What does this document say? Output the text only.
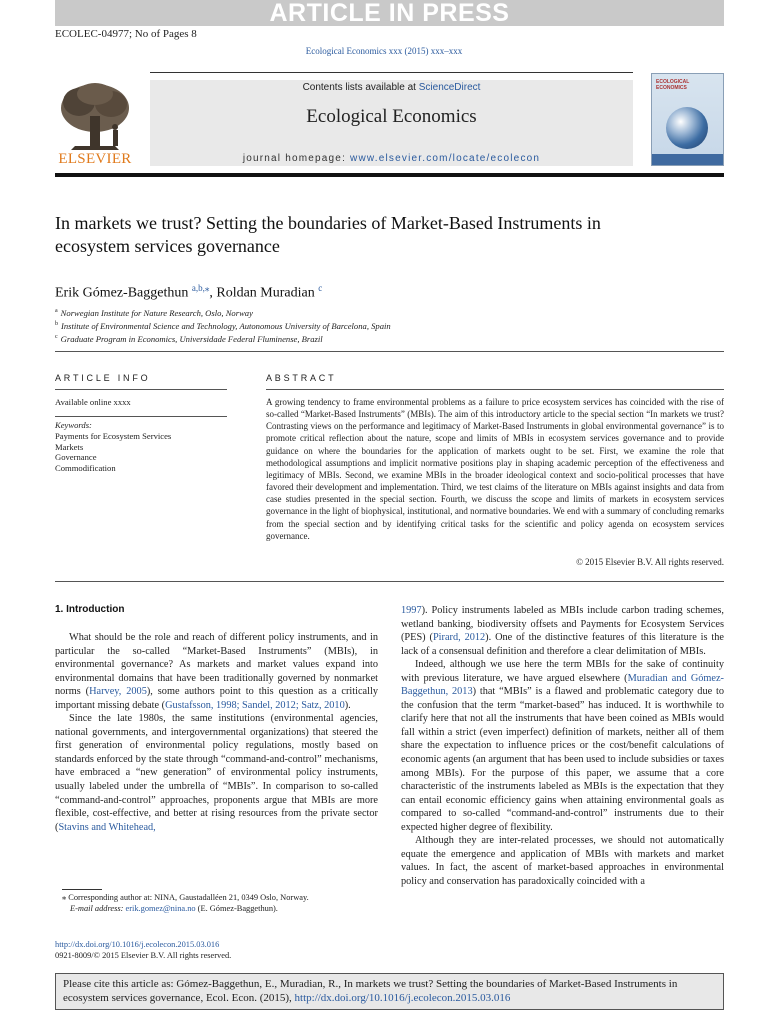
ARTICLE IN PRESS
ECOLEC-04977; No of Pages 8
Ecological Economics xxx (2015) xxx–xxx
ELSEVIER
Contents lists available at ScienceDirect
Ecological Economics
journal homepage: www.elsevier.com/locate/ecolecon
ECOLOGICAL ECONOMICS
In markets we trust? Setting the boundaries of Market-Based Instruments in ecosystem services governance
Erik Gómez-Baggethun $^{a,b,⁎}$, Roldan Muradian $^c$
$^a$ Norwegian Institute for Nature Research, Oslo, Norway
$^b$ Institute of Environmental Science and Technology, Autonomous University of Barcelona, Spain
$^c$ Graduate Program in Economics, Universidade Federal Fluminense, Brazil
ARTICLE INFO
Available online xxxx
Keywords:
Payments for Ecosystem Services
Markets
Governance
Commodification
ABSTRACT
A growing tendency to frame environmental problems as a failure to price ecosystem services has coincided with the rise of so-called “Market-Based Instruments” (MBIs). The aim of this introductory article to the special section “In markets we trust? Contrasting views on the performance and legitimacy of Market-Based Instruments in global environmental governance” is to promote critical reflection about the nature, scope and limits of MBIs in ecosystem services governance and to provide guidance on where the boundaries for the application of markets ought to be set. First, we examine the role that methodological assumptions and implicit normative positions play in shaping academic perception of the effectiveness and legitimacy of MBIs. Second, we examine MBIs in the broader ideological context and socio-political processes that have favored their development and implementation. Third, we test claims of the literature on MBIs against insights and data from case studies presented in the special section. Fourth, we discuss the scope and limits of markets in ecosystem services governance in the light of biophysical, institutional, and normative boundaries. We end with a summary of concluding remarks from the special section and by identifying critical tasks for the scientific and policy agenda on ecosystem services governance.
© 2015 Elsevier B.V. All rights reserved.
1. Introduction

What should be the role and reach of different policy instruments, and in particular the so-called “Market-Based Instruments” (MBIs), in environmental governance? As markets and market values expand into environmental domains that have been traditionally governed by nonmarket norms (Harvey, 2005), some authors point to this question as a critically important missing debate (Gustafsson, 1998; Sandel, 2012; Satz, 2010).

Since the late 1980s, the same institutions (environmental agencies, national governments, and intergovernmental organizations) that steered the first generation of environmental policy regulations, mostly based on standards enforced by the state through “command-and-control” mechanisms, have embraced a “new generation” of environmental policy instruments, usually labeled under the umbrella of “MBIs”. In comparison to so-called “command-and-control” approaches, proponents argue that MBIs are more flexible, cost-effective, and better at rising resources from the private sector (Stavins and Whitehead,

1997). Policy instruments labeled as MBIs include carbon trading schemes, wetland banking, biodiversity offsets and Payments for Ecosystem Services (PES) (Pirard, 2012). One of the distinctive features of this literature is the lack of a consensual definition and therefore a clear delimitation of MBIs.

Indeed, although we use here the term MBIs for the sake of continuity with previous literature, we have argued elsewhere (Muradian and Gómez-Baggethun, 2013) that “MBIs” is a flawed and problematic category due to the confusion that the term “market-based” has induced. It is worthwhile to clarify here that not all the instruments that have been coined as MBIs would fall within a strict (even imperfect) definition of markets, neither all of them share the expectation to influence prices or the cost/benefit calculations of economic agents (an argument that has been used to include subsidies or taxes among MBIs). For the purpose of this paper, we assume that a core characteristic of the instruments labeled as MBIs is the expectation that they can entail economic efficiency gains when attaining environmental goals as compared to so-called “command-and-control” instruments due to their expected higher degree of flexibility.

Although they are inter-related processes, we should not automatically equate the emergence and application of MBIs with markets and market values. In fact, the ascent of market-based approaches in environmental policy and conservation has paradoxically coincided with a

⁎ Corresponding author at: NINA, Gaustadalléen 21, 0349 Oslo, Norway.
E-mail address: erik.gomez@nina.no (E. Gómez-Baggethun).
http://dx.doi.org/10.1016/j.ecolecon.2015.03.016
0921-8009/© 2015 Elsevier B.V. All rights reserved.
Please cite this article as: Gómez-Baggethun, E., Muradian, R., In markets we trust? Setting the boundaries of Market-Based Instruments in ecosystem services governance, Ecol. Econ. (2015), http://dx.doi.org/10.1016/j.ecolecon.2015.03.016
